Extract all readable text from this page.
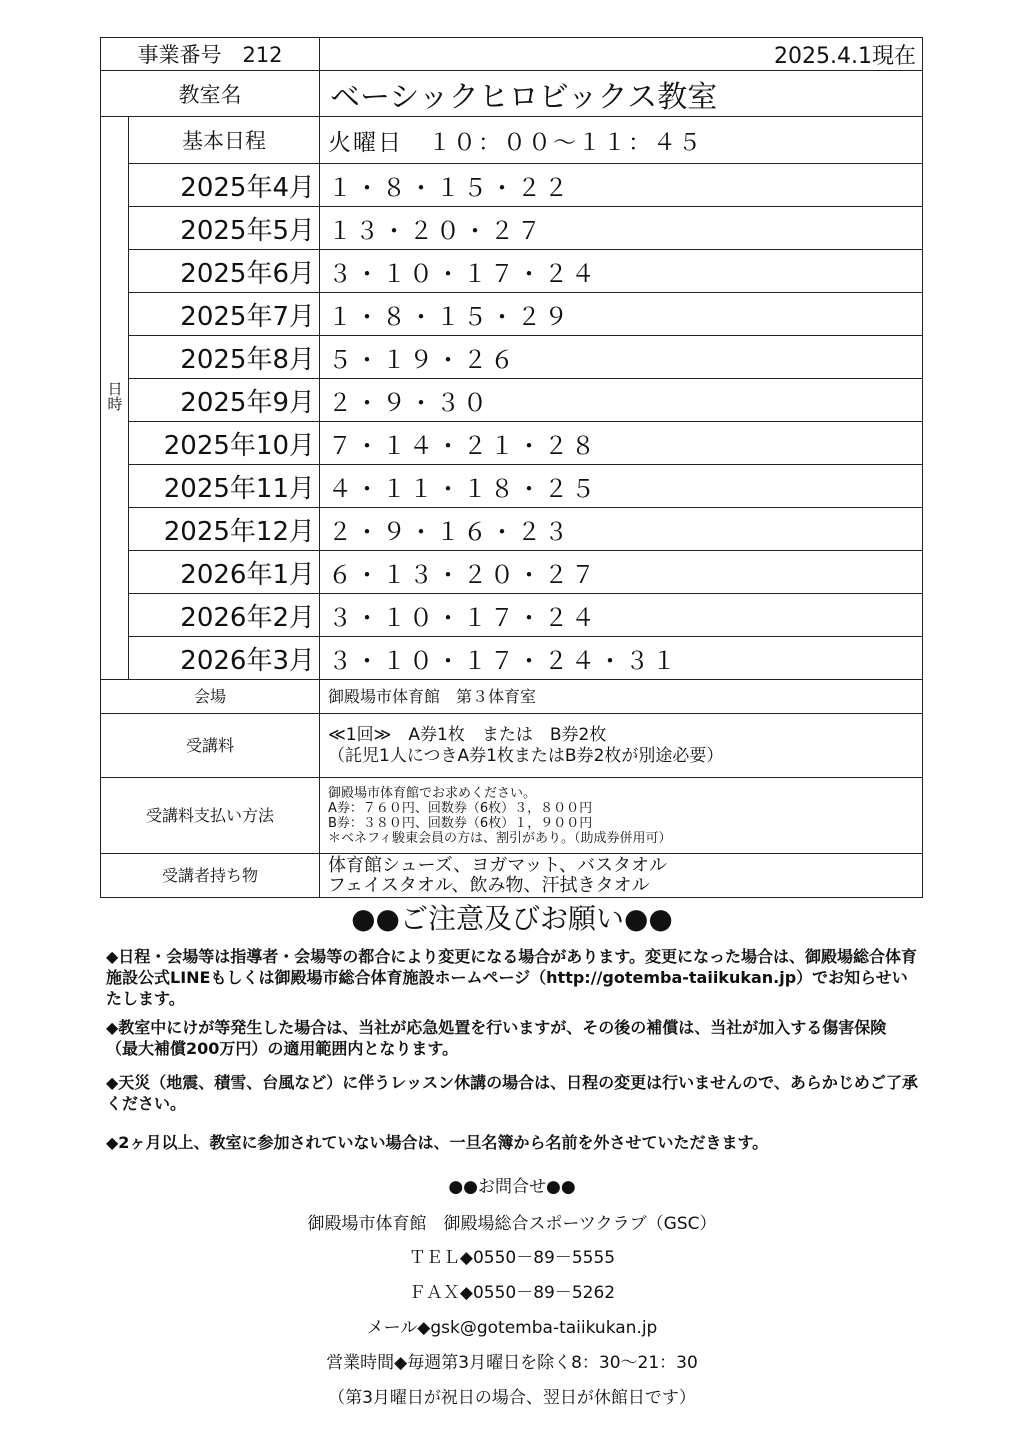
事業番号　212		2025.4.1現在
教室名		ベーシックヒロビックス教室
日時	基本日程	火曜日　１０：００～１１：４５
	2025年4月	１・８・１５・２２
	2025年5月	１３・２０・２７
	2025年6月	３・１０・１７・２４
	2025年7月	１・８・１５・２９
	2025年8月	５・１９・２６
	2025年9月	２・９・３０
	2025年10月	７・１４・２１・２８
	2025年11月	４・１１・１８・２５
	2025年12月	２・９・１６・２３
	2026年1月	６・１３・２０・２７
	2026年2月	３・１０・１７・２４
	2026年3月	３・１０・１７・２４・３１
会場		御殿場市体育館　第３体育室
受講料		≪1回≫　A券1枚　または　B券2枚
（託児1人につきA券1枚またはB券2枚が別途必要）

受講料支払い方法		御殿場市体育館でお求めください。
A券：７６０円、回数券（6枚）３，８００円
B券：３８０円、回数券（6枚）１，９００円
＊ベネフィ駿東会員の方は、割引があり。（助成券併用可）

受講者持ち物		体育館シューズ、ヨガマット、バスタオル
フェイスタオル、飲み物、汗拭きタオル
●●ご注意及びお願い●●
◆日程・会場等は指導者・会場等の都合により変更になる場合があります。変更になった場合は、御殿場総合体育施設公式LINEもしくは御殿場市総合体育施設ホームページ（http://gotemba-taiikukan.jp）でお知らせいたします。
◆教室中にけが等発生した場合は、当社が応急処置を行いますが、その後の補償は、当社が加入する傷害保険（最大補償200万円）の適用範囲内となります。
◆天災（地震、積雪、台風など）に伴うレッスン休講の場合は、日程の変更は行いませんので、あらかじめご了承ください。
◆2ヶ月以上、教室に参加されていない場合は、一旦名簿から名前を外させていただきます。
●●お問合せ●●
御殿場市体育館　御殿場総合スポーツクラブ（GSC）
ＴＥＬ◆0550－89－5555
ＦＡＸ◆0550－89－5262
メール◆gsk@gotemba-taiikukan.jp
営業時間◆毎週第3月曜日を除く8：30～21：30
（第3月曜日が祝日の場合、翌日が休館日です）
